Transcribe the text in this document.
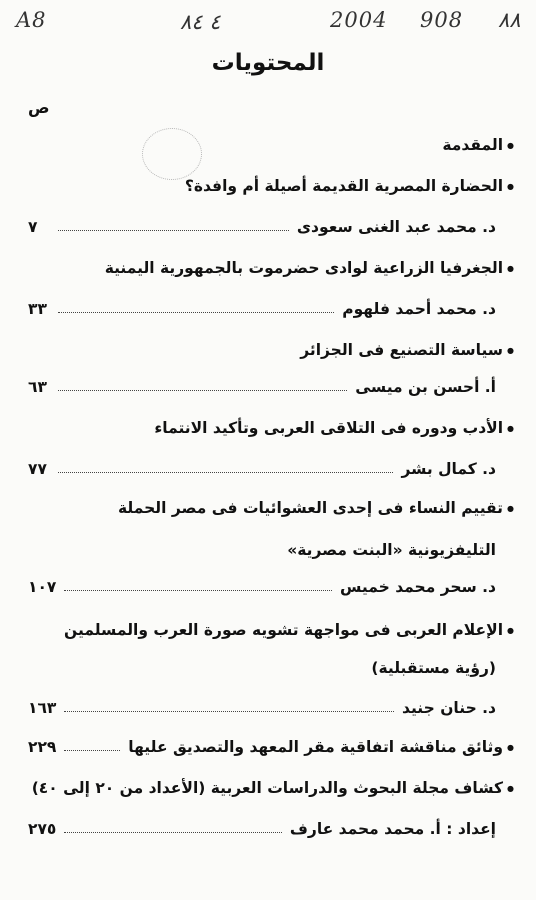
A8	٤ ٨٤	2004 908 ٨٨
المحتويات
ص

● المقدمة

● الحضارة المصرية القديمة أصيلة أم وافدة؟

د. محمد عبد الغنى سعودى
٧

● الجغرفيا الزراعية لوادى حضرموت بالجمهورية اليمنية

د. محمد أحمد فلهوم
٣٣

● سياسة التصنيع فى الجزائر

أ. أحسن بن ميسى
٦٣

● الأدب ودوره فى التلاقى العربى وتأكيد الانتماء

د. كمال بشر
٧٧

● تقييم النساء فى إحدى العشوائيات فى مصر الحملة

التليفزيونية «البنت مصرية»

د. سحر محمد خميس
١٠٧

● الإعلام العربى فى مواجهة تشويه صورة العرب والمسلمين

(رؤية مستقبلية)

د. حنان جنيد
١٦٣
● وثائق مناقشة اتفاقية مقر المعهد والتصديق عليها
٢٢٩

● كشاف مجلة البحوث والدراسات العربية (الأعداد من ٢٠ إلى ٤٠)

إعداد : أ. محمد محمد عارف
٢٧٥
